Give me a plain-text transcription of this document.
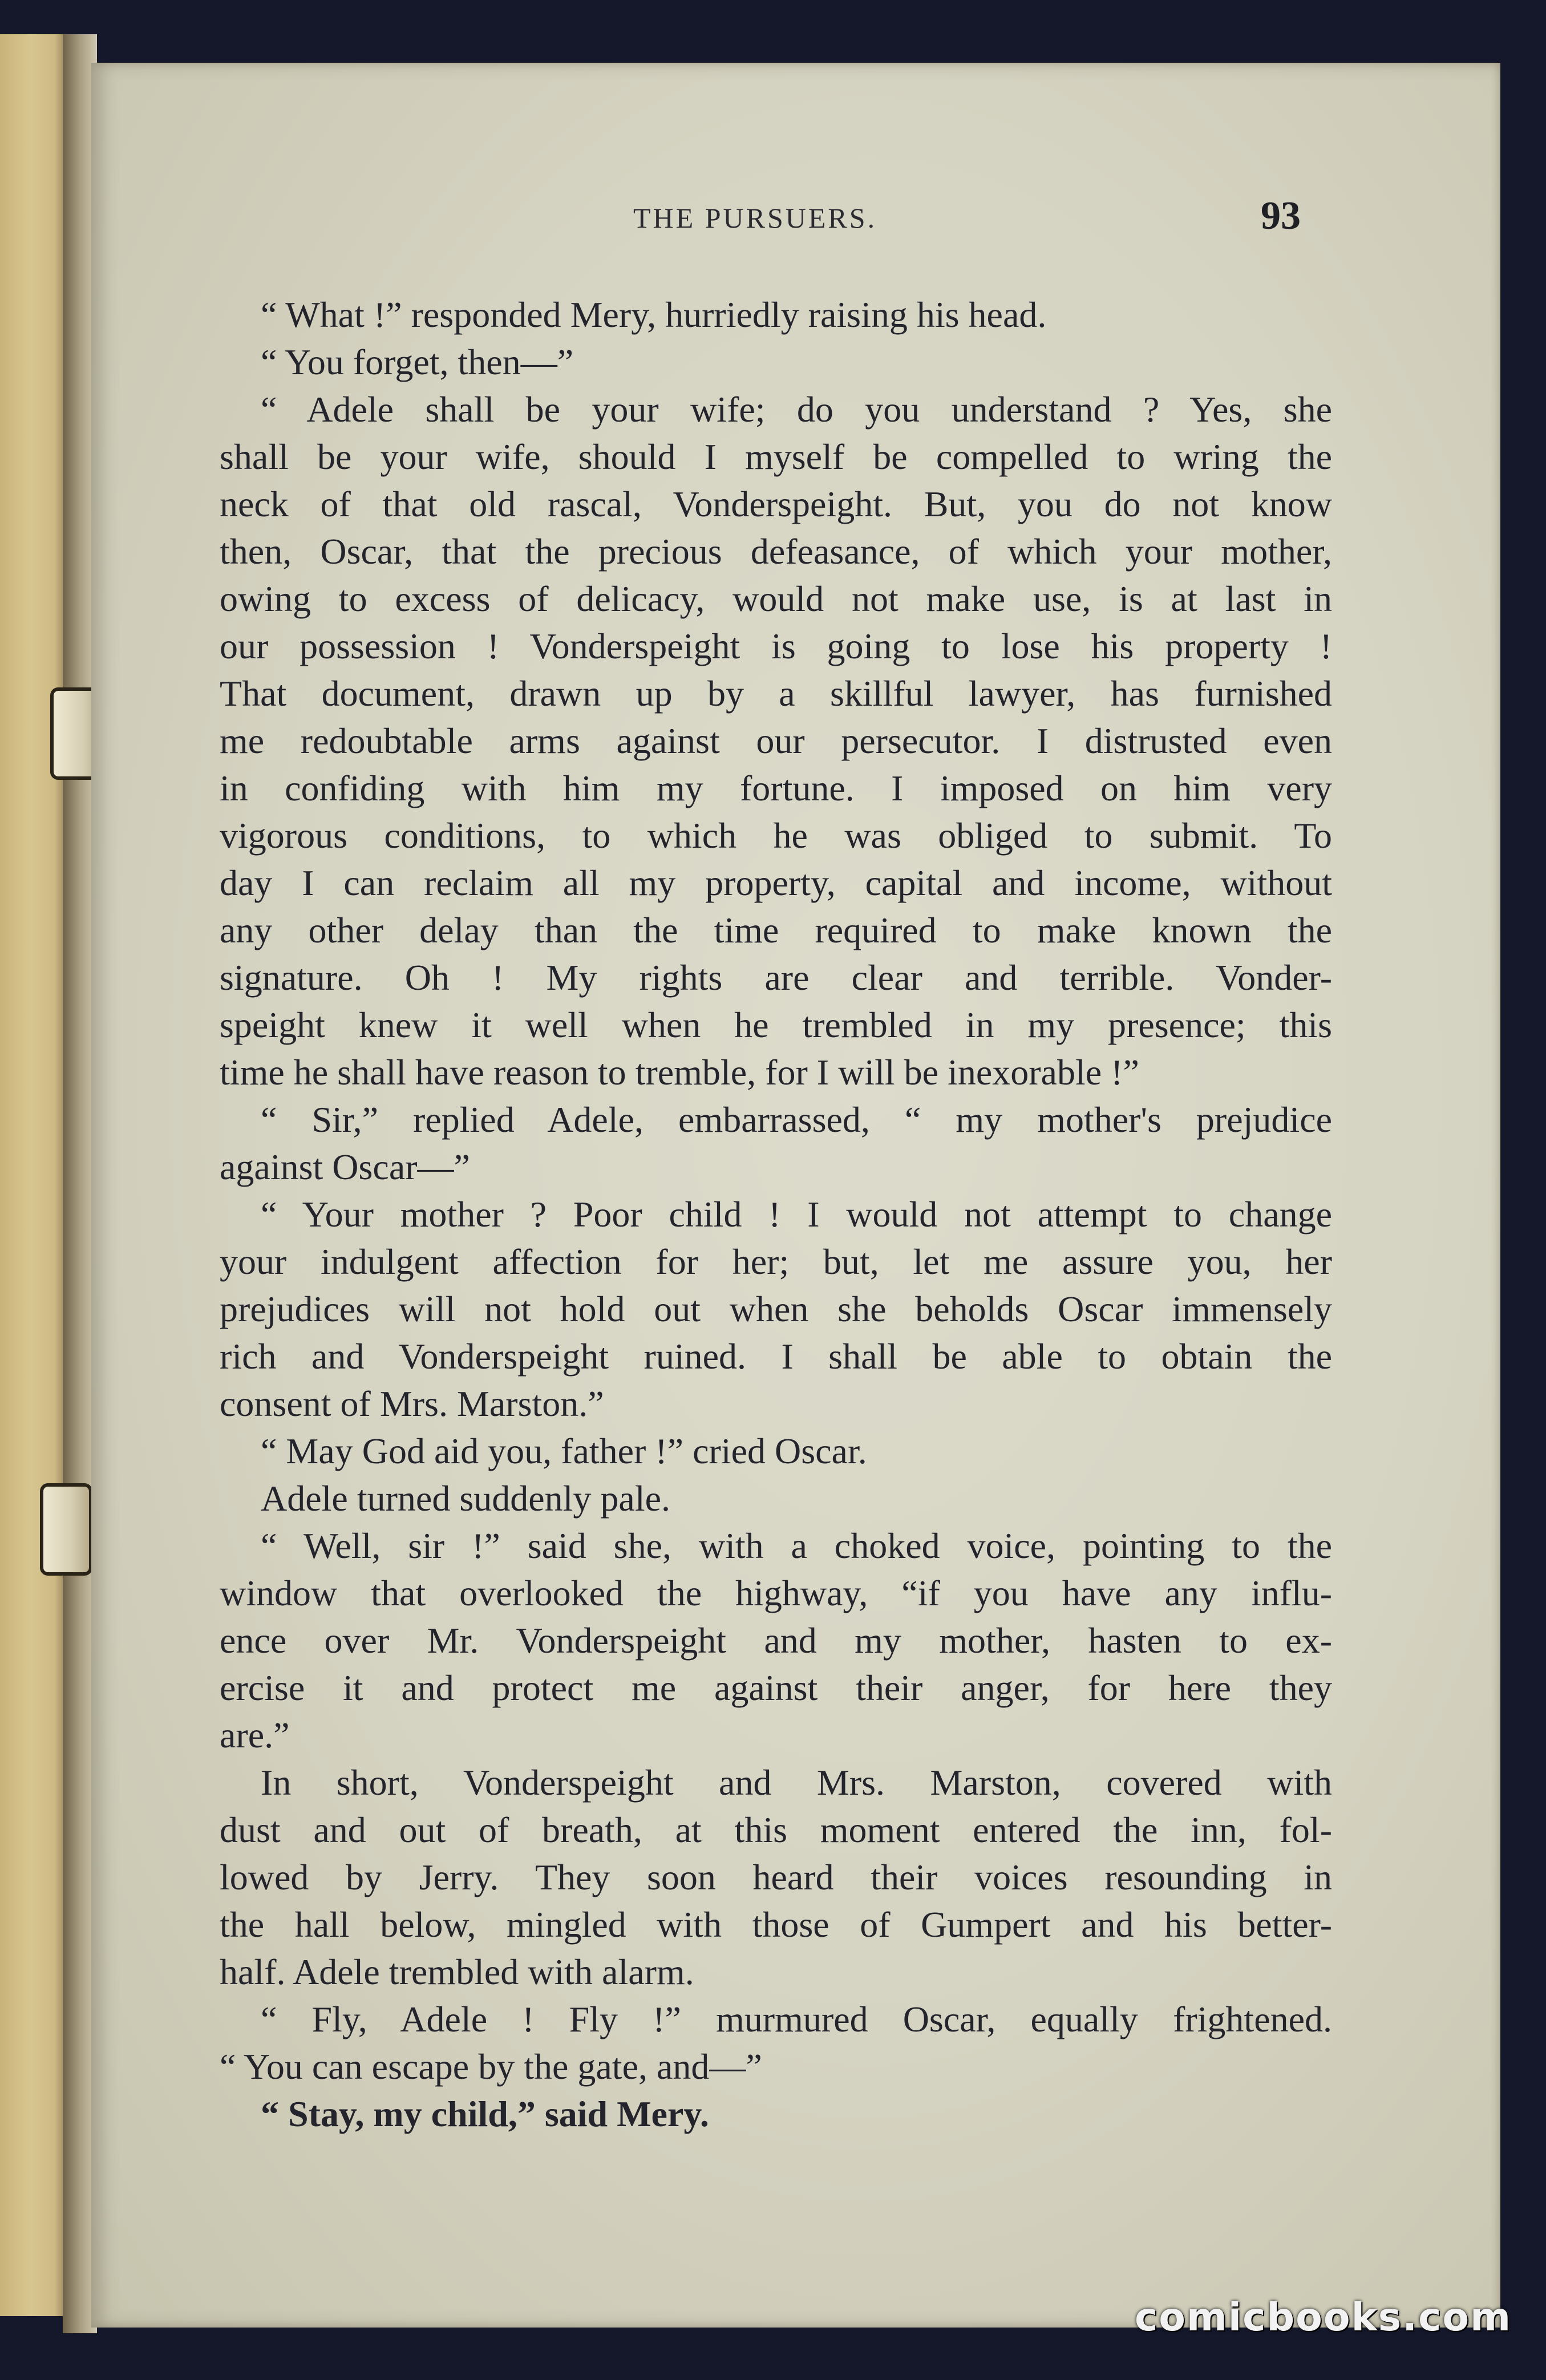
THE PURSUERS.	93
“ What !” responded Mery, hurriedly raising his head.
“ You forget, then—”
“ Adele shall be your wife; do you understand ? Yes, she
shall be your wife, should I myself be compelled to wring the
neck of that old rascal, Vonderspeight. But, you do not know
then, Oscar, that the precious defeasance, of which your mother,
owing to excess of delicacy, would not make use, is at last in
our possession ! Vonderspeight is going to lose his property !
That document, drawn up by a skillful lawyer, has furnished
me redoubtable arms against our persecutor. I distrusted even
in confiding with him my fortune. I imposed on him very
vigorous conditions, to which he was obliged to submit. To
day I can reclaim all my property, capital and income, without
any other delay than the time required to make known the
signature. Oh ! My rights are clear and terrible. Vonder-
speight knew it well when he trembled in my presence; this
time he shall have reason to tremble, for I will be inexorable !”
“ Sir,” replied Adele, embarrassed, “ my mother's prejudice
against Oscar—”
“ Your mother ? Poor child ! I would not attempt to change
your indulgent affection for her; but, let me assure you, her
prejudices will not hold out when she beholds Oscar immensely
rich and Vonderspeight ruined. I shall be able to obtain the
consent of Mrs. Marston.”
“ May God aid you, father !” cried Oscar.
Adele turned suddenly pale.
“ Well, sir !” said she, with a choked voice, pointing to the
window that overlooked the highway, “if you have any influ-
ence over Mr. Vonderspeight and my mother, hasten to ex-
ercise it and protect me against their anger, for here they
are.”
In short, Vonderspeight and Mrs. Marston, covered with
dust and out of breath, at this moment entered the inn, fol-
lowed by Jerry. They soon heard their voices resounding in
the hall below, mingled with those of Gumpert and his better-
half. Adele trembled with alarm.
“ Fly, Adele ! Fly !” murmured Oscar, equally frightened.
“ You can escape by the gate, and—”
“ Stay, my child,” said Mery.
comicbooks.com
